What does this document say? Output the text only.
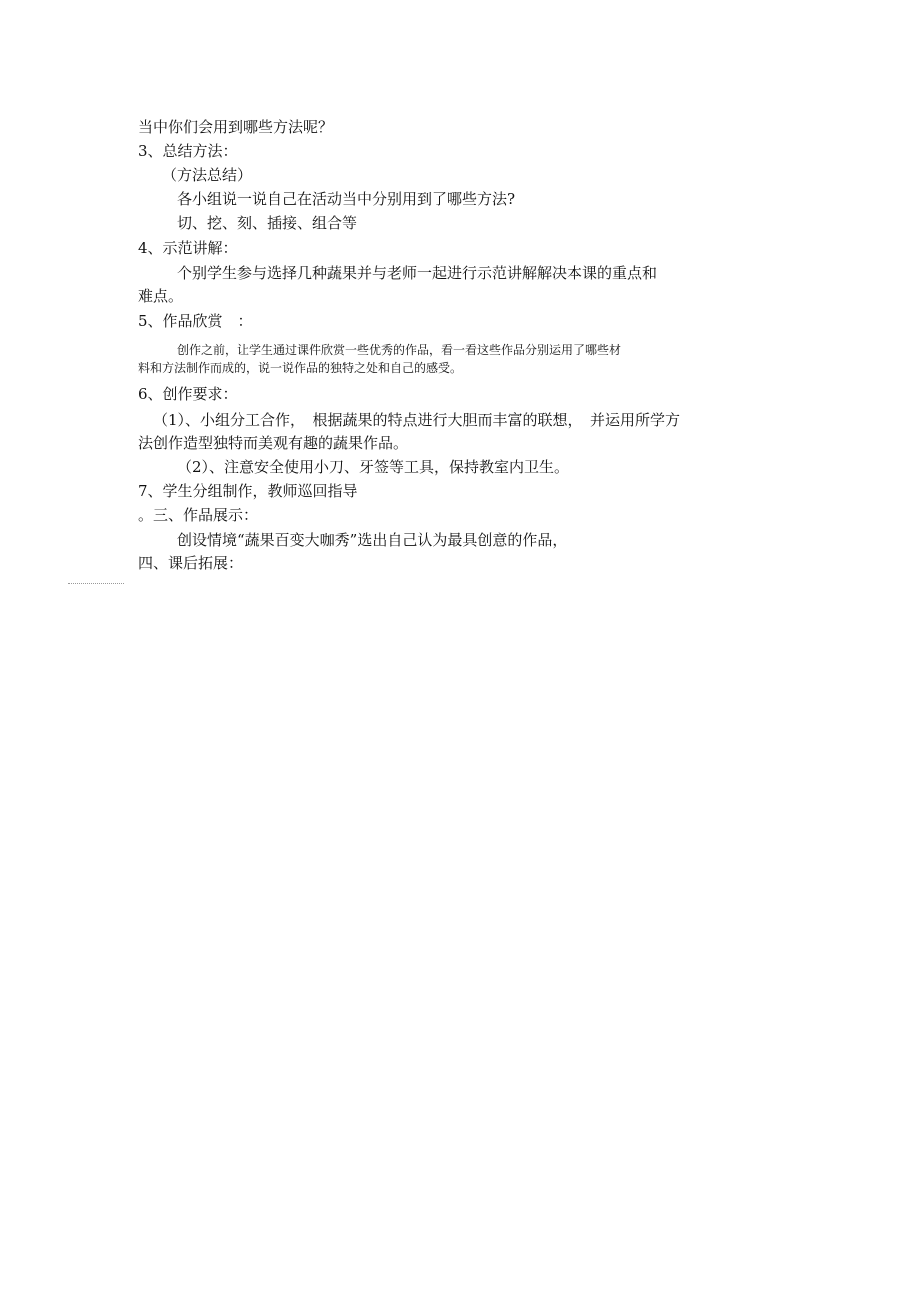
当中你们会用到哪些方法呢？
3、总结方法：
（方法总结）
各小组说一说自己在活动当中分别用到了哪些方法?
切、挖、刻、插接、组合等
4、示范讲解：
个别学生参与选择几种蔬果并与老师一起进行示范讲解解决本课的重点和
难点。
5、作品欣赏　：
创作之前，让学生通过课件欣赏一些优秀的作品，看一看这些作品分别运用了哪些材
料和方法制作而成的，说一说作品的独特之处和自己的感受。
6、创作要求：
（1）、小组分工合作，　根据蔬果的特点进行大胆而丰富的联想，　并运用所学方
法创作造型独特而美观有趣的蔬果作品。
（2）、注意安全使用小刀、牙签等工具，保持教室内卫生。
7、学生分组制作，教师巡回指导
。三、作品展示：
创设情境“蔬果百变大咖秀”选出自己认为最具创意的作品，
四、课后拓展：
